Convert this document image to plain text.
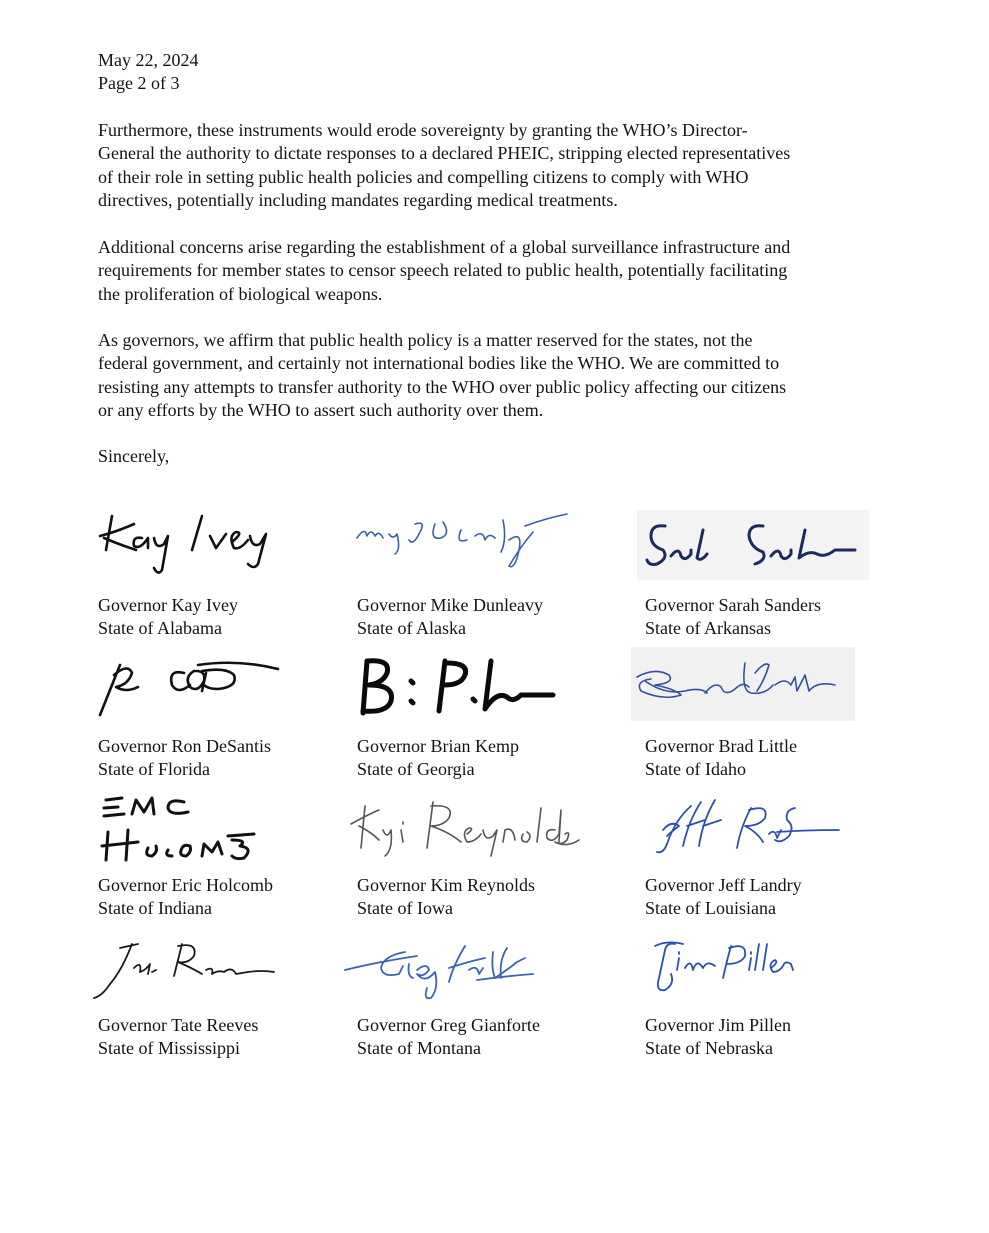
May 22, 2024
Page 2 of 3

Furthermore, these instruments would erode sovereignty by granting the WHO’s Director-
General the authority to dictate responses to a declared PHEIC, stripping elected representatives
of their role in setting public health policies and compelling citizens to comply with WHO
directives, potentially including mandates regarding medical treatments.

Additional concerns arise regarding the establishment of a global surveillance infrastructure and
requirements for member states to censor speech related to public health, potentially facilitating
the proliferation of biological weapons.

As governors, we affirm that public health policy is a matter reserved for the states, not the
federal government, and certainly not international bodies like the WHO. We are committed to
resisting any attempts to transfer authority to the WHO over public policy affecting our citizens
or any efforts by the WHO to assert such authority over them.

Sincerely,
Governor Kay Ivey
State of Alabama
Governor Mike Dunleavy
State of Alaska
Governor Sarah Sanders
State of Arkansas
Governor Ron DeSantis
State of Florida
Governor Brian Kemp
State of Georgia
Governor Brad Little
State of Idaho
Governor Eric Holcomb
State of Indiana
Governor Kim Reynolds
State of Iowa
Governor Jeff Landry
State of Louisiana
Governor Tate Reeves
State of Mississippi
Governor Greg Gianforte
State of Montana
Governor Jim Pillen
State of Nebraska
